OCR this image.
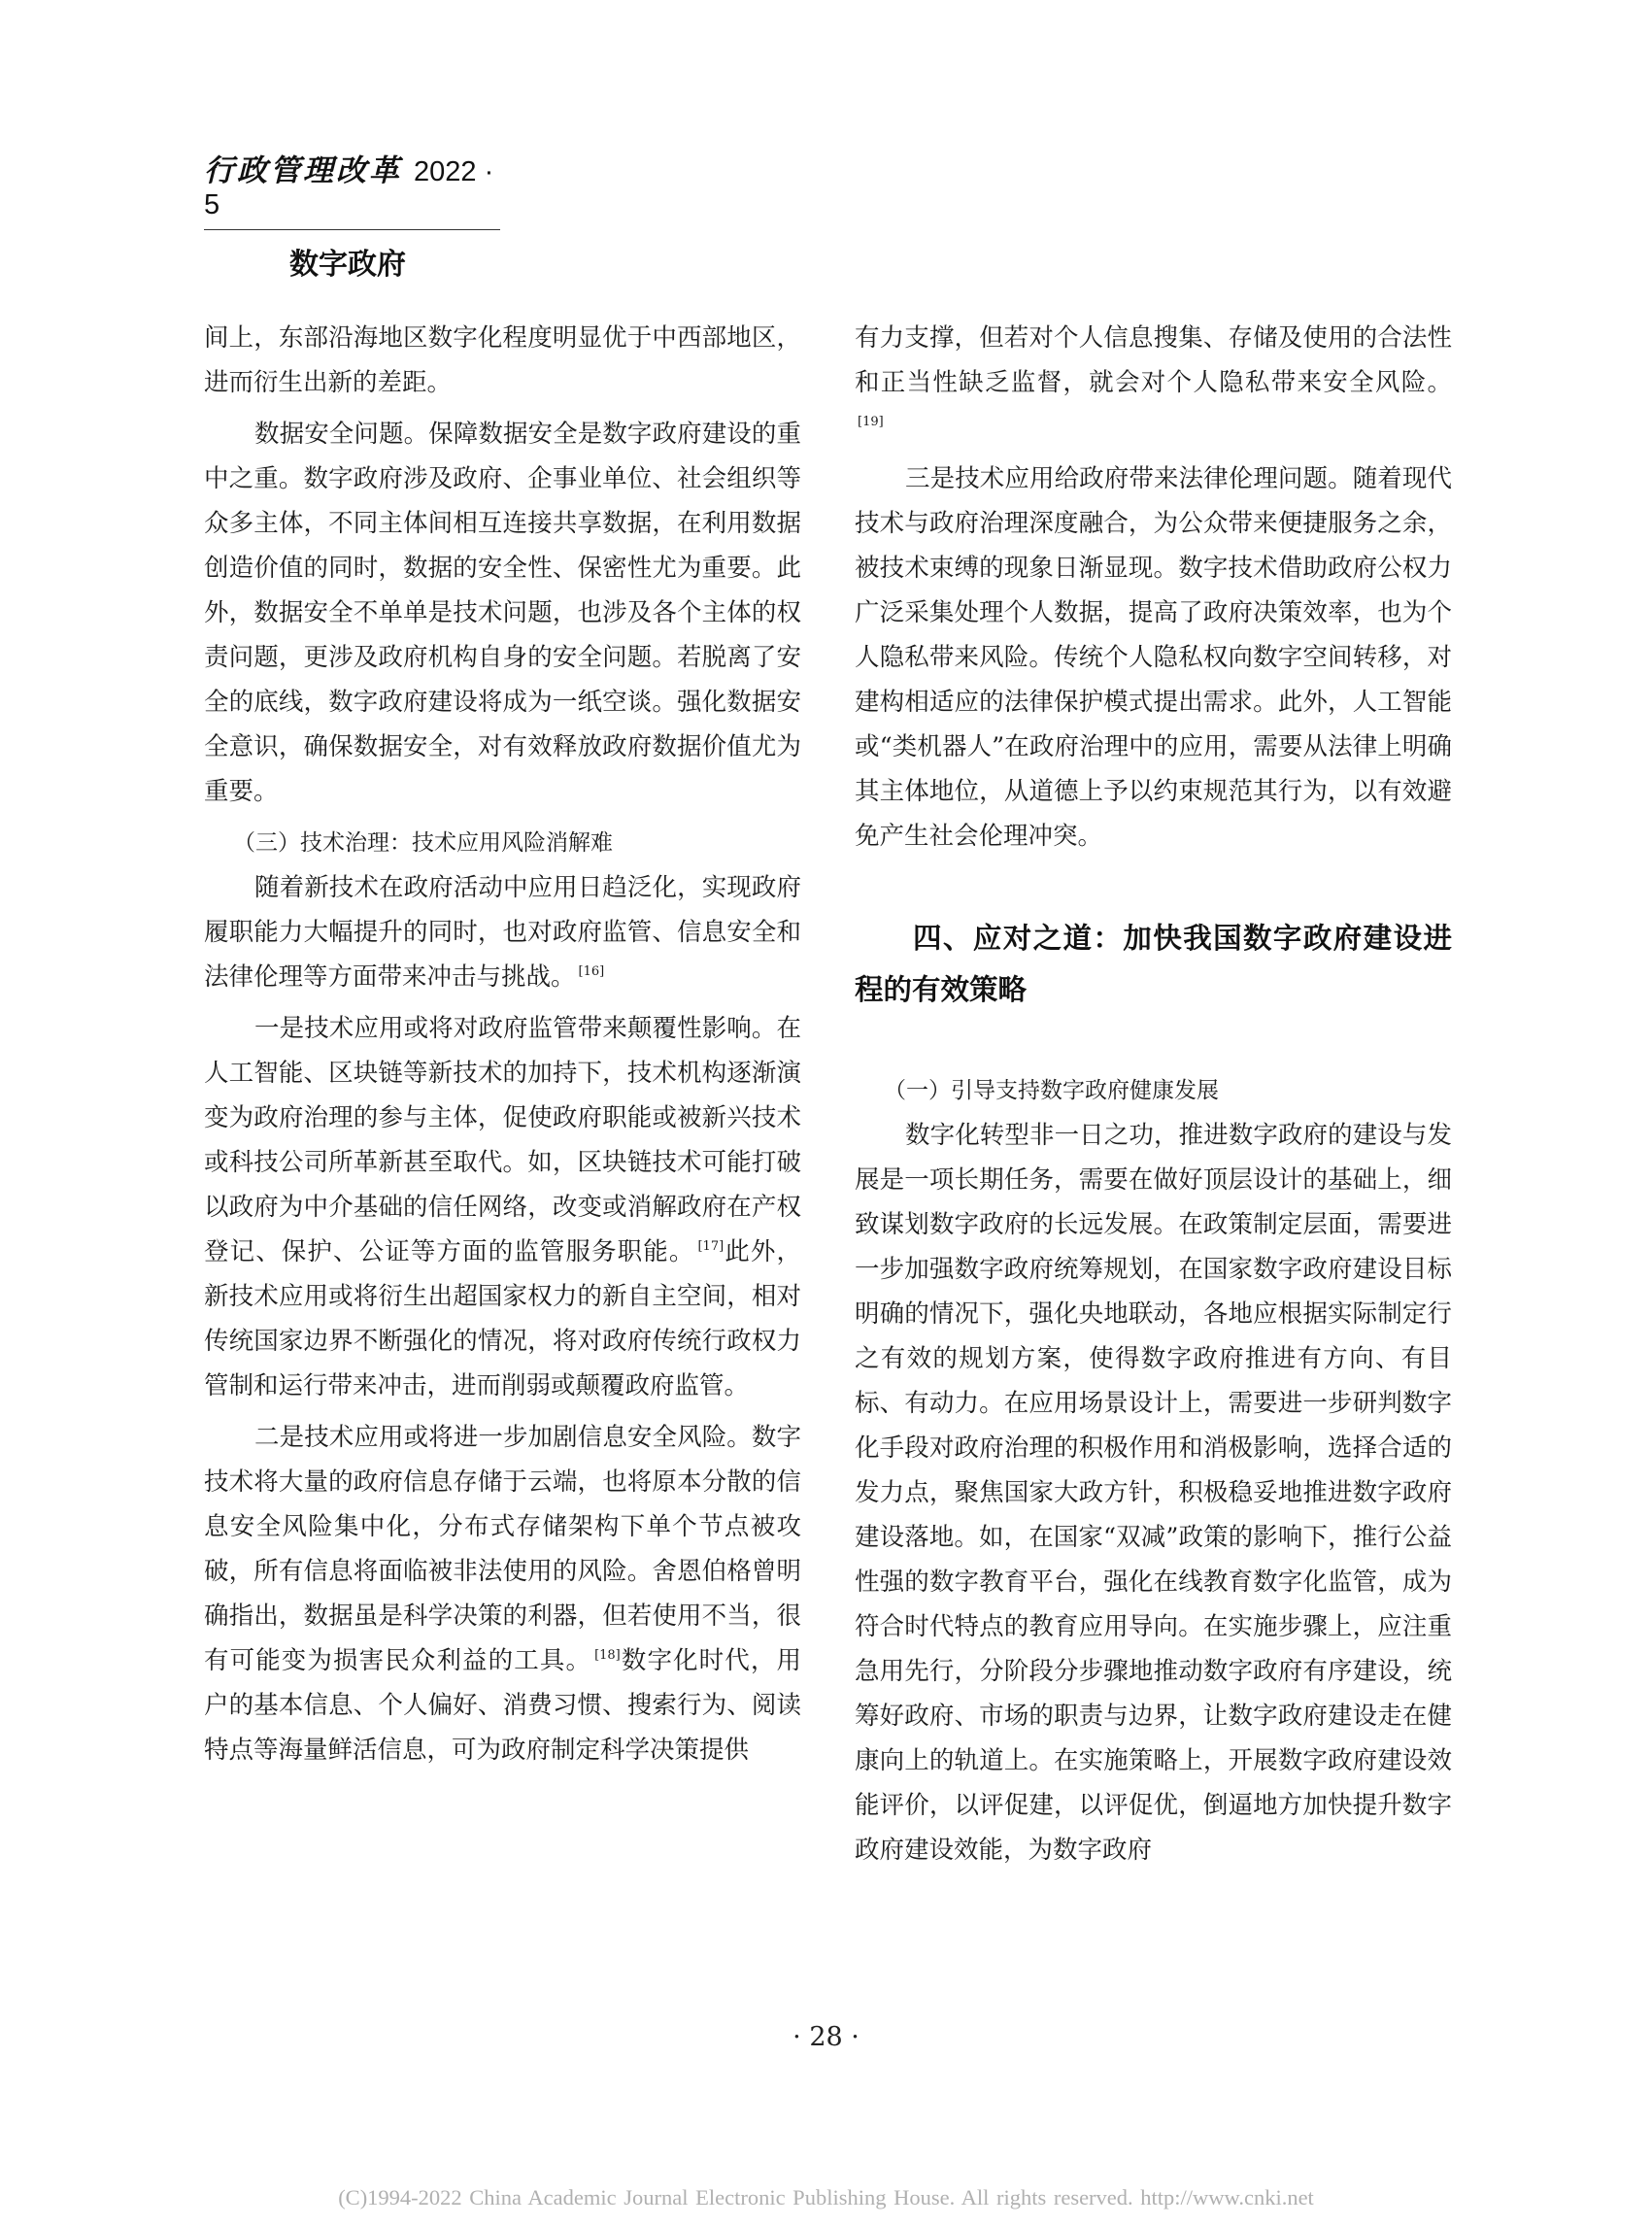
行政管理改革 2022 · 5
数字政府

间上，东部沿海地区数字化程度明显优于中西部地区，进而衍生出新的差距。

数据安全问题。保障数据安全是数字政府建设的重中之重。数字政府涉及政府、企事业单位、社会组织等众多主体，不同主体间相互连接共享数据，在利用数据创造价值的同时，数据的安全性、保密性尤为重要。此外，数据安全不单单是技术问题，也涉及各个主体的权责问题，更涉及政府机构自身的安全问题。若脱离了安全的底线，数字政府建设将成为一纸空谈。强化数据安全意识，确保数据安全，对有效释放政府数据价值尤为重要。

（三）技术治理：技术应用风险消解难

随着新技术在政府活动中应用日趋泛化，实现政府履职能力大幅提升的同时，也对政府监管、信息安全和法律伦理等方面带来冲击与挑战。 [16]

一是技术应用或将对政府监管带来颠覆性影响。在人工智能、区块链等新技术的加持下，技术机构逐渐演变为政府治理的参与主体，促使政府职能或被新兴技术或科技公司所革新甚至取代。如，区块链技术可能打破以政府为中介基础的信任网络，改变或消解政府在产权登记、保护、公证等方面的监管服务职能。 [17]此外，新技术应用或将衍生出超国家权力的新自主空间，相对传统国家边界不断强化的情况，将对政府传统行政权力管制和运行带来冲击，进而削弱或颠覆政府监管。

二是技术应用或将进一步加剧信息安全风险。数字技术将大量的政府信息存储于云端，也将原本分散的信息安全风险集中化，分布式存储架构下单个节点被攻破，所有信息将面临被非法使用的风险。舍恩伯格曾明确指出，数据虽是科学决策的利器，但若使用不当，很有可能变为损害民众利益的工具。 [18]数字化时代，用户的基本信息、个人偏好、消费习惯、搜索行为、阅读特点等海量鲜活信息，可为政府制定科学决策提供

有力支撑，但若对个人信息搜集、存储及使用的合法性和正当性缺乏监督，就会对个人隐私带来安全风险。[19]

三是技术应用给政府带来法律伦理问题。随着现代技术与政府治理深度融合，为公众带来便捷服务之余，被技术束缚的现象日渐显现。数字技术借助政府公权力广泛采集处理个人数据，提高了政府决策效率，也为个人隐私带来风险。传统个人隐私权向数字空间转移，对建构相适应的法律保护模式提出需求。此外，人工智能或“类机器人”在政府治理中的应用，需要从法律上明确其主体地位，从道德上予以约束规范其行为，以有效避免产生社会伦理冲突。

四、应对之道：加快我国数字政府建设进程的有效策略

（一）引导支持数字政府健康发展

数字化转型非一日之功，推进数字政府的建设与发展是一项长期任务，需要在做好顶层设计的基础上，细致谋划数字政府的长远发展。在政策制定层面，需要进一步加强数字政府统筹规划，在国家数字政府建设目标明确的情况下，强化央地联动，各地应根据实际制定行之有效的规划方案，使得数字政府推进有方向、有目标、有动力。在应用场景设计上，需要进一步研判数字化手段对政府治理的积极作用和消极影响，选择合适的发力点，聚焦国家大政方针，积极稳妥地推进数字政府建设落地。如，在国家“双减”政策的影响下，推行公益性强的数字教育平台，强化在线教育数字化监管，成为符合时代特点的教育应用导向。在实施步骤上，应注重急用先行，分阶段分步骤地推动数字政府有序建设，统筹好政府、市场的职责与边界，让数字政府建设走在健康向上的轨道上。在实施策略上，开展数字政府建设效能评价，以评促建，以评促优，倒逼地方加快提升数字政府建设效能，为数字政府

· 28 ·
(C)1994-2022 China Academic Journal Electronic Publishing House. All rights reserved. http://www.cnki.net
